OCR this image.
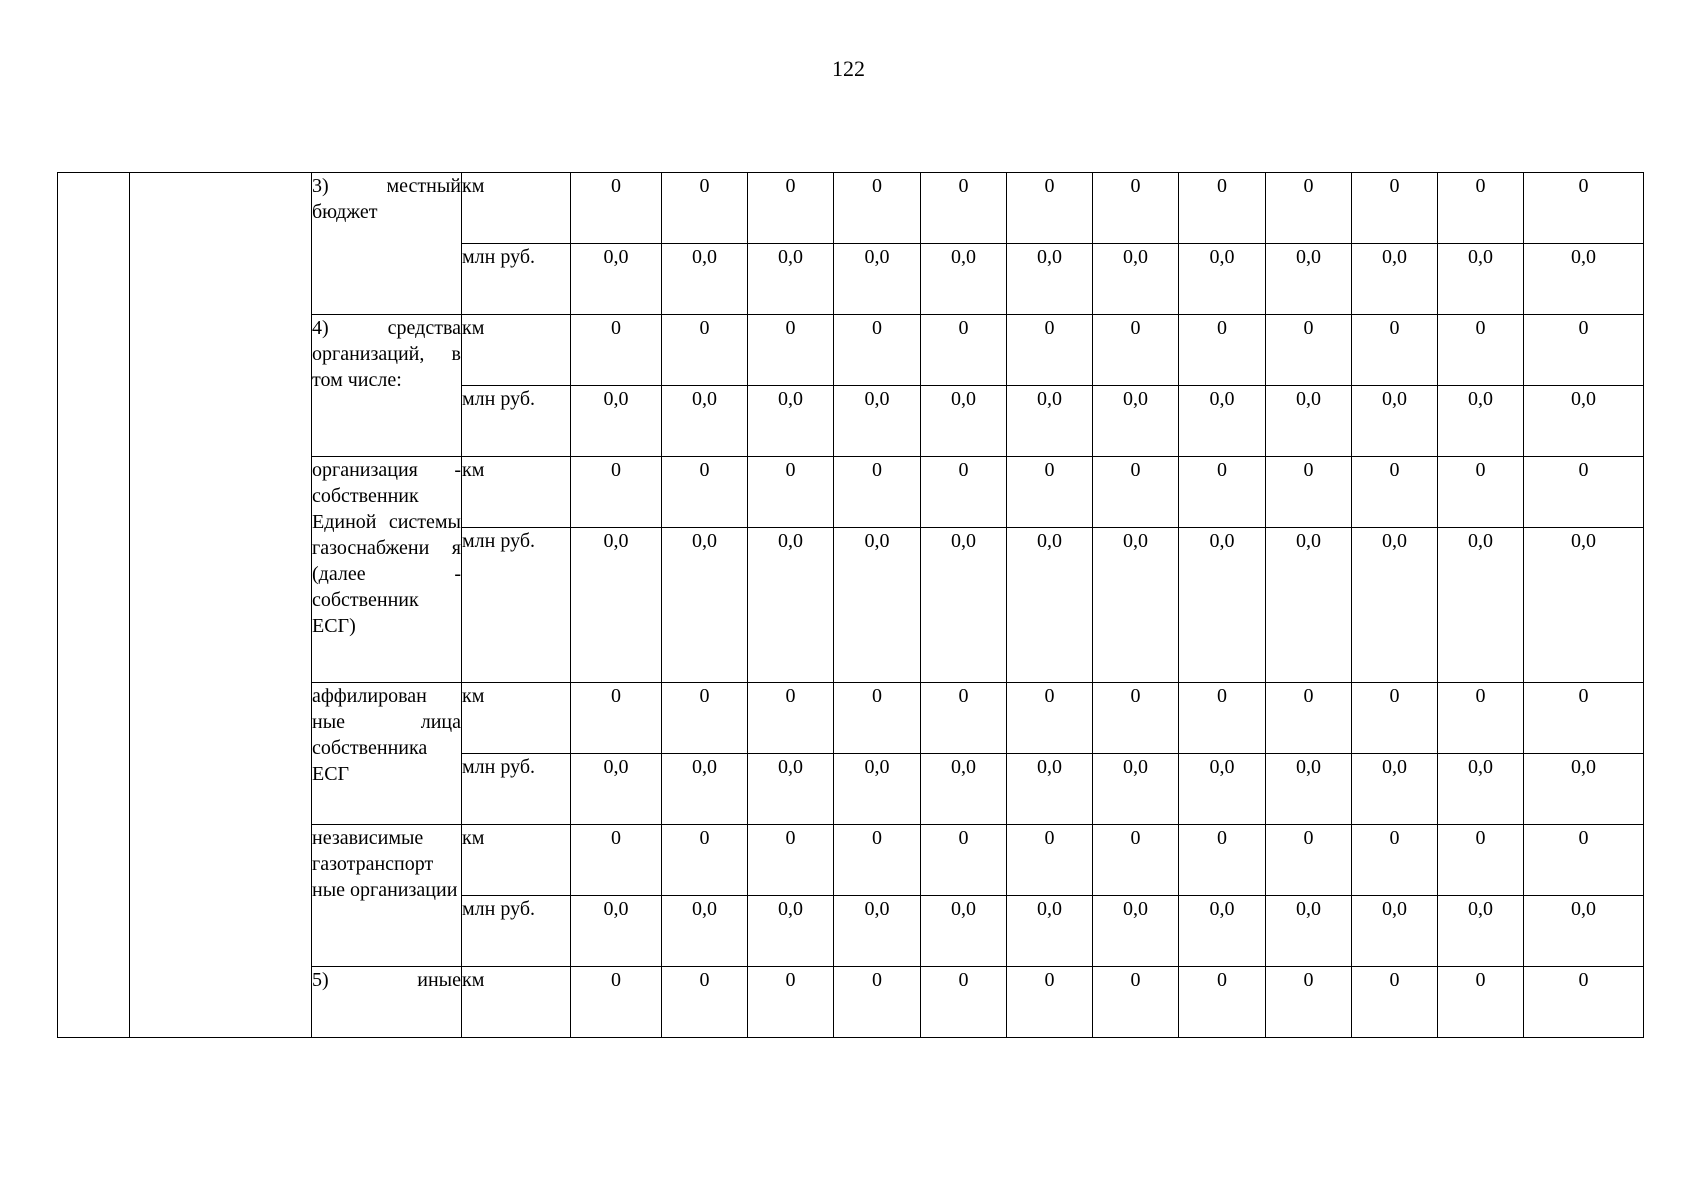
122
		3) местный бюджет	км	0	0	0	0	0	0	0	0	0	0	0	0
			млн руб.	0,0	0,0	0,0	0,0	0,0	0,0	0,0	0,0	0,0	0,0	0,0	0,0
		4) средства организаций, в том числе:	км	0	0	0	0	0	0	0	0	0	0	0	0
			млн руб.	0,0	0,0	0,0	0,0	0,0	0,0	0,0	0,0	0,0	0,0	0,0	0,0
		организация - собственник Единой системы газоснабжени я (далее - собственник ЕСГ)	км	0	0	0	0	0	0	0	0	0	0	0	0
			млн руб.	0,0	0,0	0,0	0,0	0,0	0,0	0,0	0,0	0,0	0,0	0,0	0,0
		аффилирован ные лица собственника ЕСГ	км	0	0	0	0	0	0	0	0	0	0	0	0
			млн руб.	0,0	0,0	0,0	0,0	0,0	0,0	0,0	0,0	0,0	0,0	0,0	0,0
		независимые газотранспорт ные организации	км	0	0	0	0	0	0	0	0	0	0	0	0
			млн руб.	0,0	0,0	0,0	0,0	0,0	0,0	0,0	0,0	0,0	0,0	0,0	0,0
		5) иные	км	0	0	0	0	0	0	0	0	0	0	0	0
